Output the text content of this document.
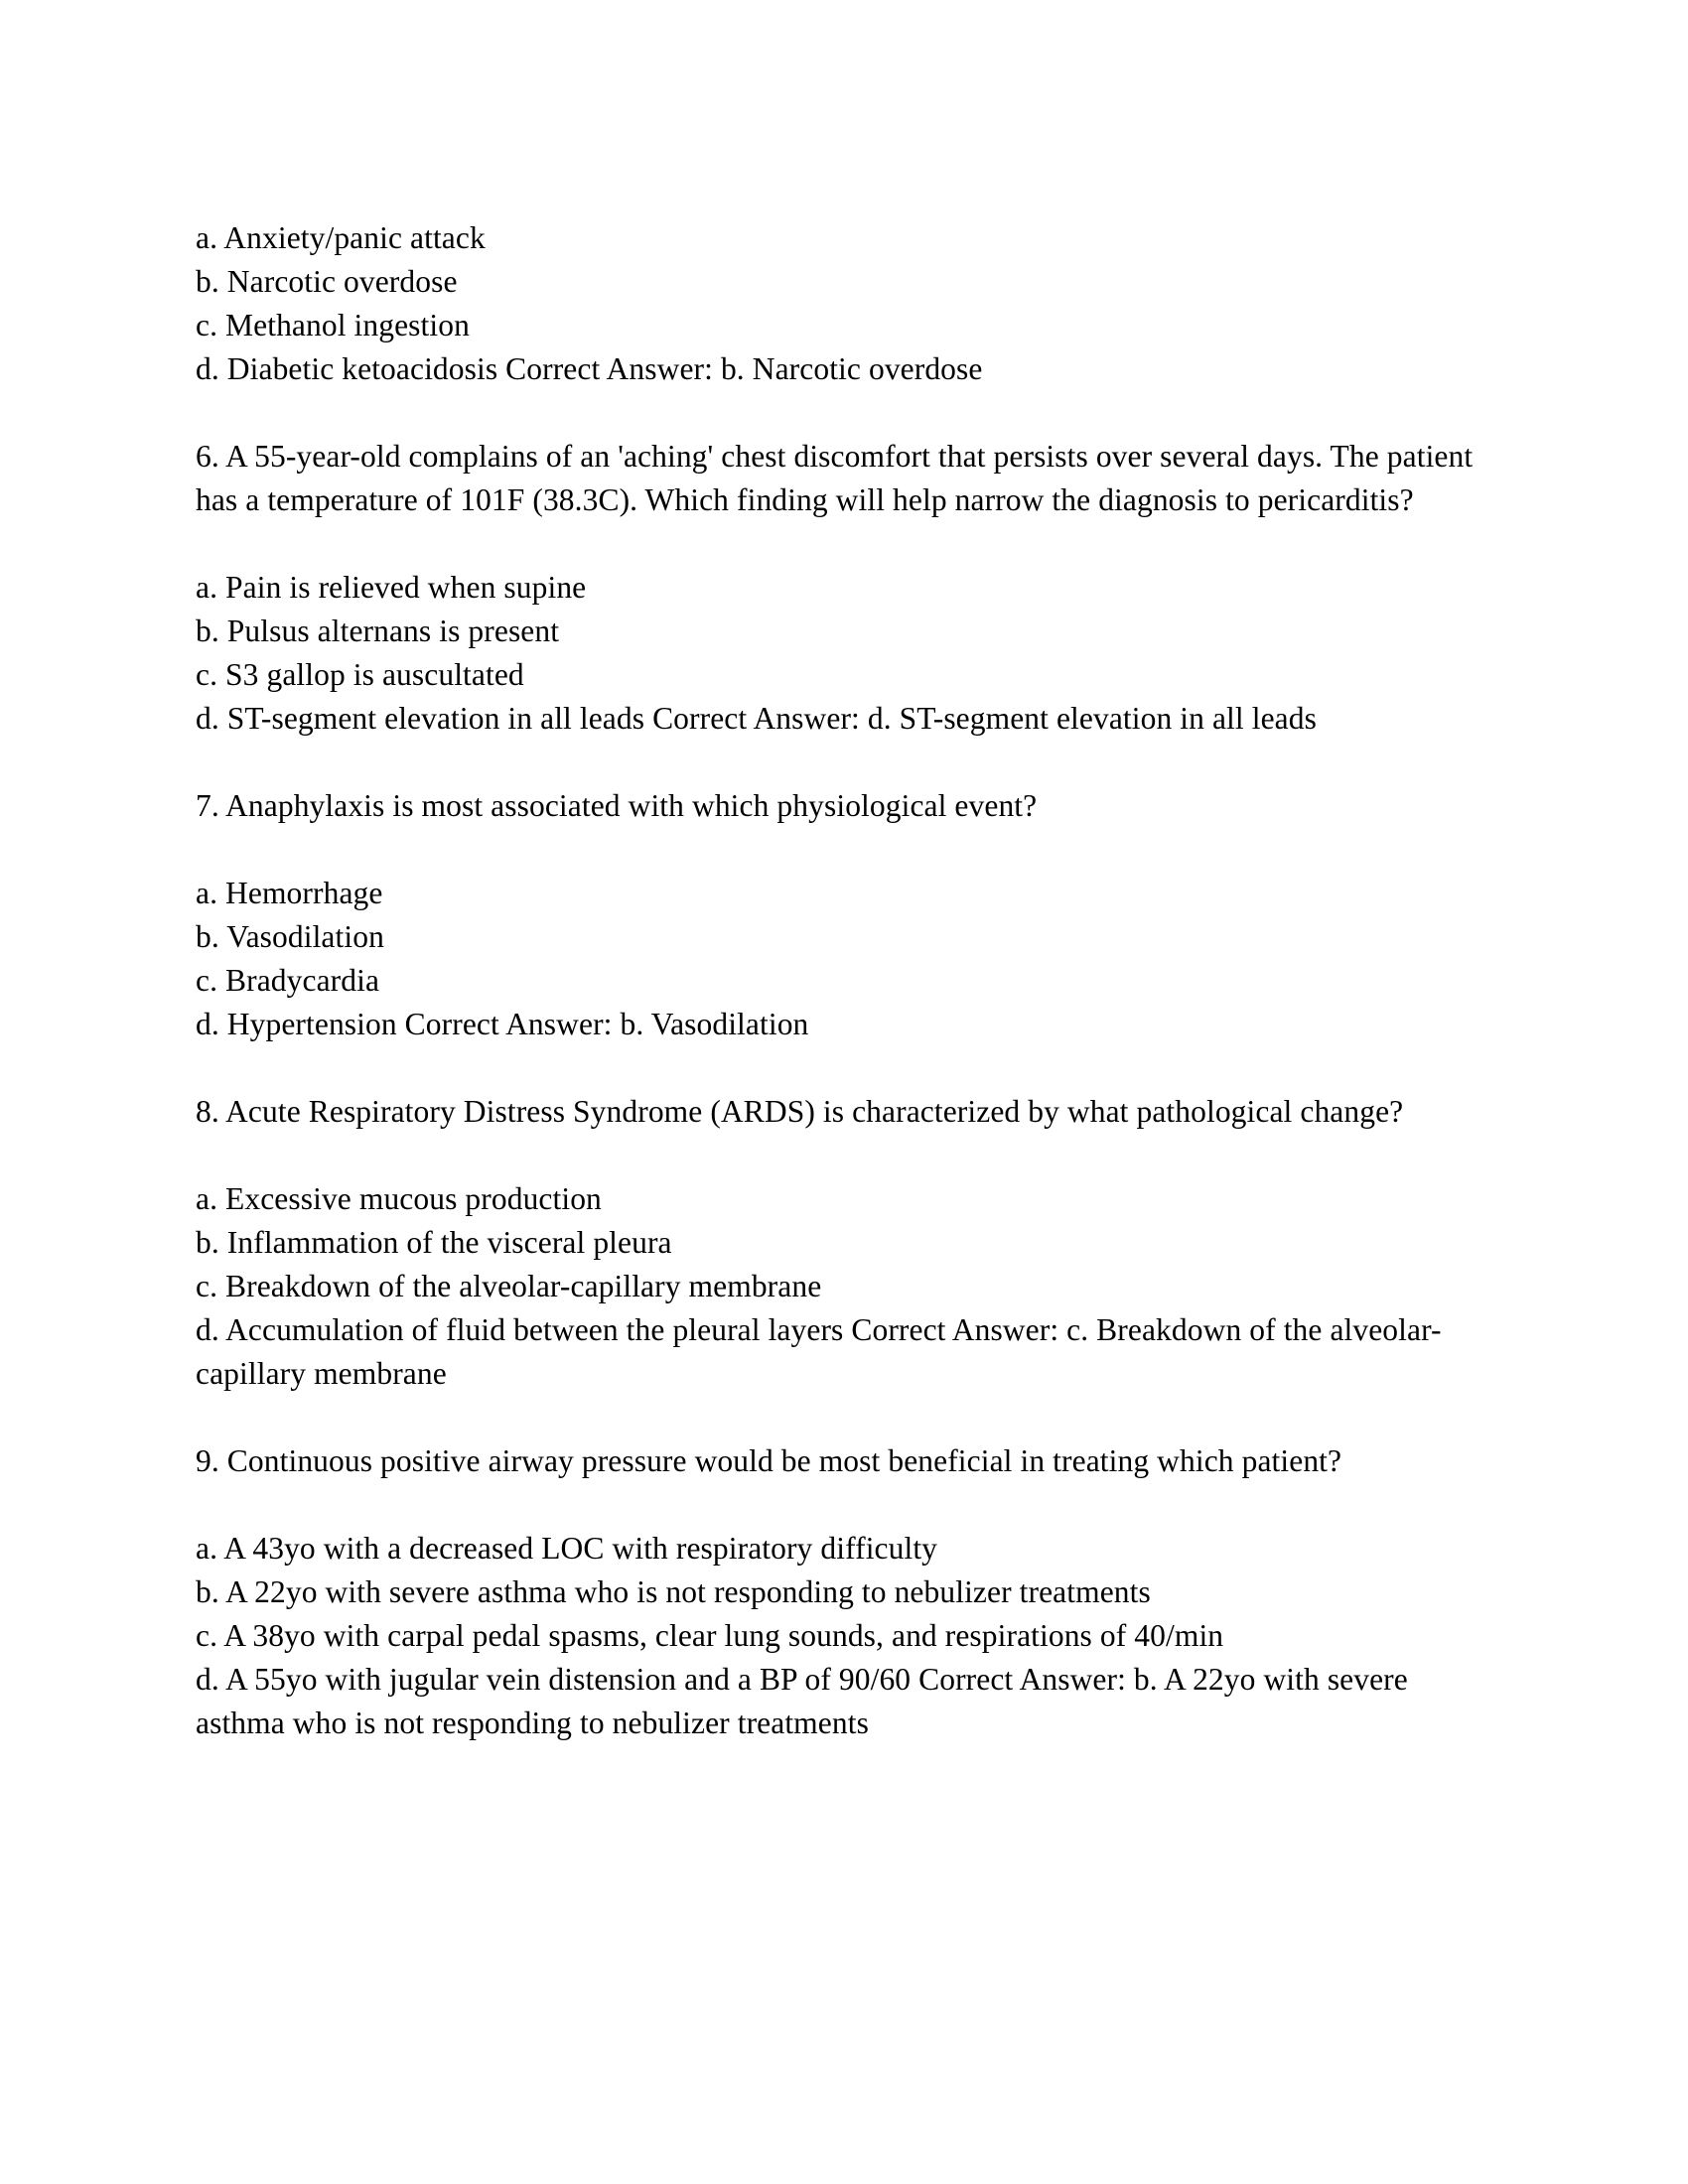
a. Anxiety/panic attack
b. Narcotic overdose
c. Methanol ingestion
d. Diabetic ketoacidosis Correct Answer: b. Narcotic overdose
6. A 55-year-old complains of an 'aching' chest discomfort that persists over several days. The patient has a temperature of 101F (38.3C). Which finding will help narrow the diagnosis to pericarditis?
a. Pain is relieved when supine
b. Pulsus alternans is present
c. S3 gallop is auscultated
d. ST-segment elevation in all leads Correct Answer: d. ST-segment elevation in all leads
7. Anaphylaxis is most associated with which physiological event?
a. Hemorrhage
b. Vasodilation
c. Bradycardia
d. Hypertension Correct Answer: b. Vasodilation
8. Acute Respiratory Distress Syndrome (ARDS) is characterized by what pathological change?
a. Excessive mucous production
b. Inflammation of the visceral pleura
c. Breakdown of the alveolar-capillary membrane
d. Accumulation of fluid between the pleural layers Correct Answer: c. Breakdown of the alveolar-capillary membrane
9. Continuous positive airway pressure would be most beneficial in treating which patient?
a. A 43yo with a decreased LOC with respiratory difficulty
b. A 22yo with severe asthma who is not responding to nebulizer treatments
c. A 38yo with carpal pedal spasms, clear lung sounds, and respirations of 40/min
d. A 55yo with jugular vein distension and a BP of 90/60 Correct Answer: b. A 22yo with severe asthma who is not responding to nebulizer treatments
